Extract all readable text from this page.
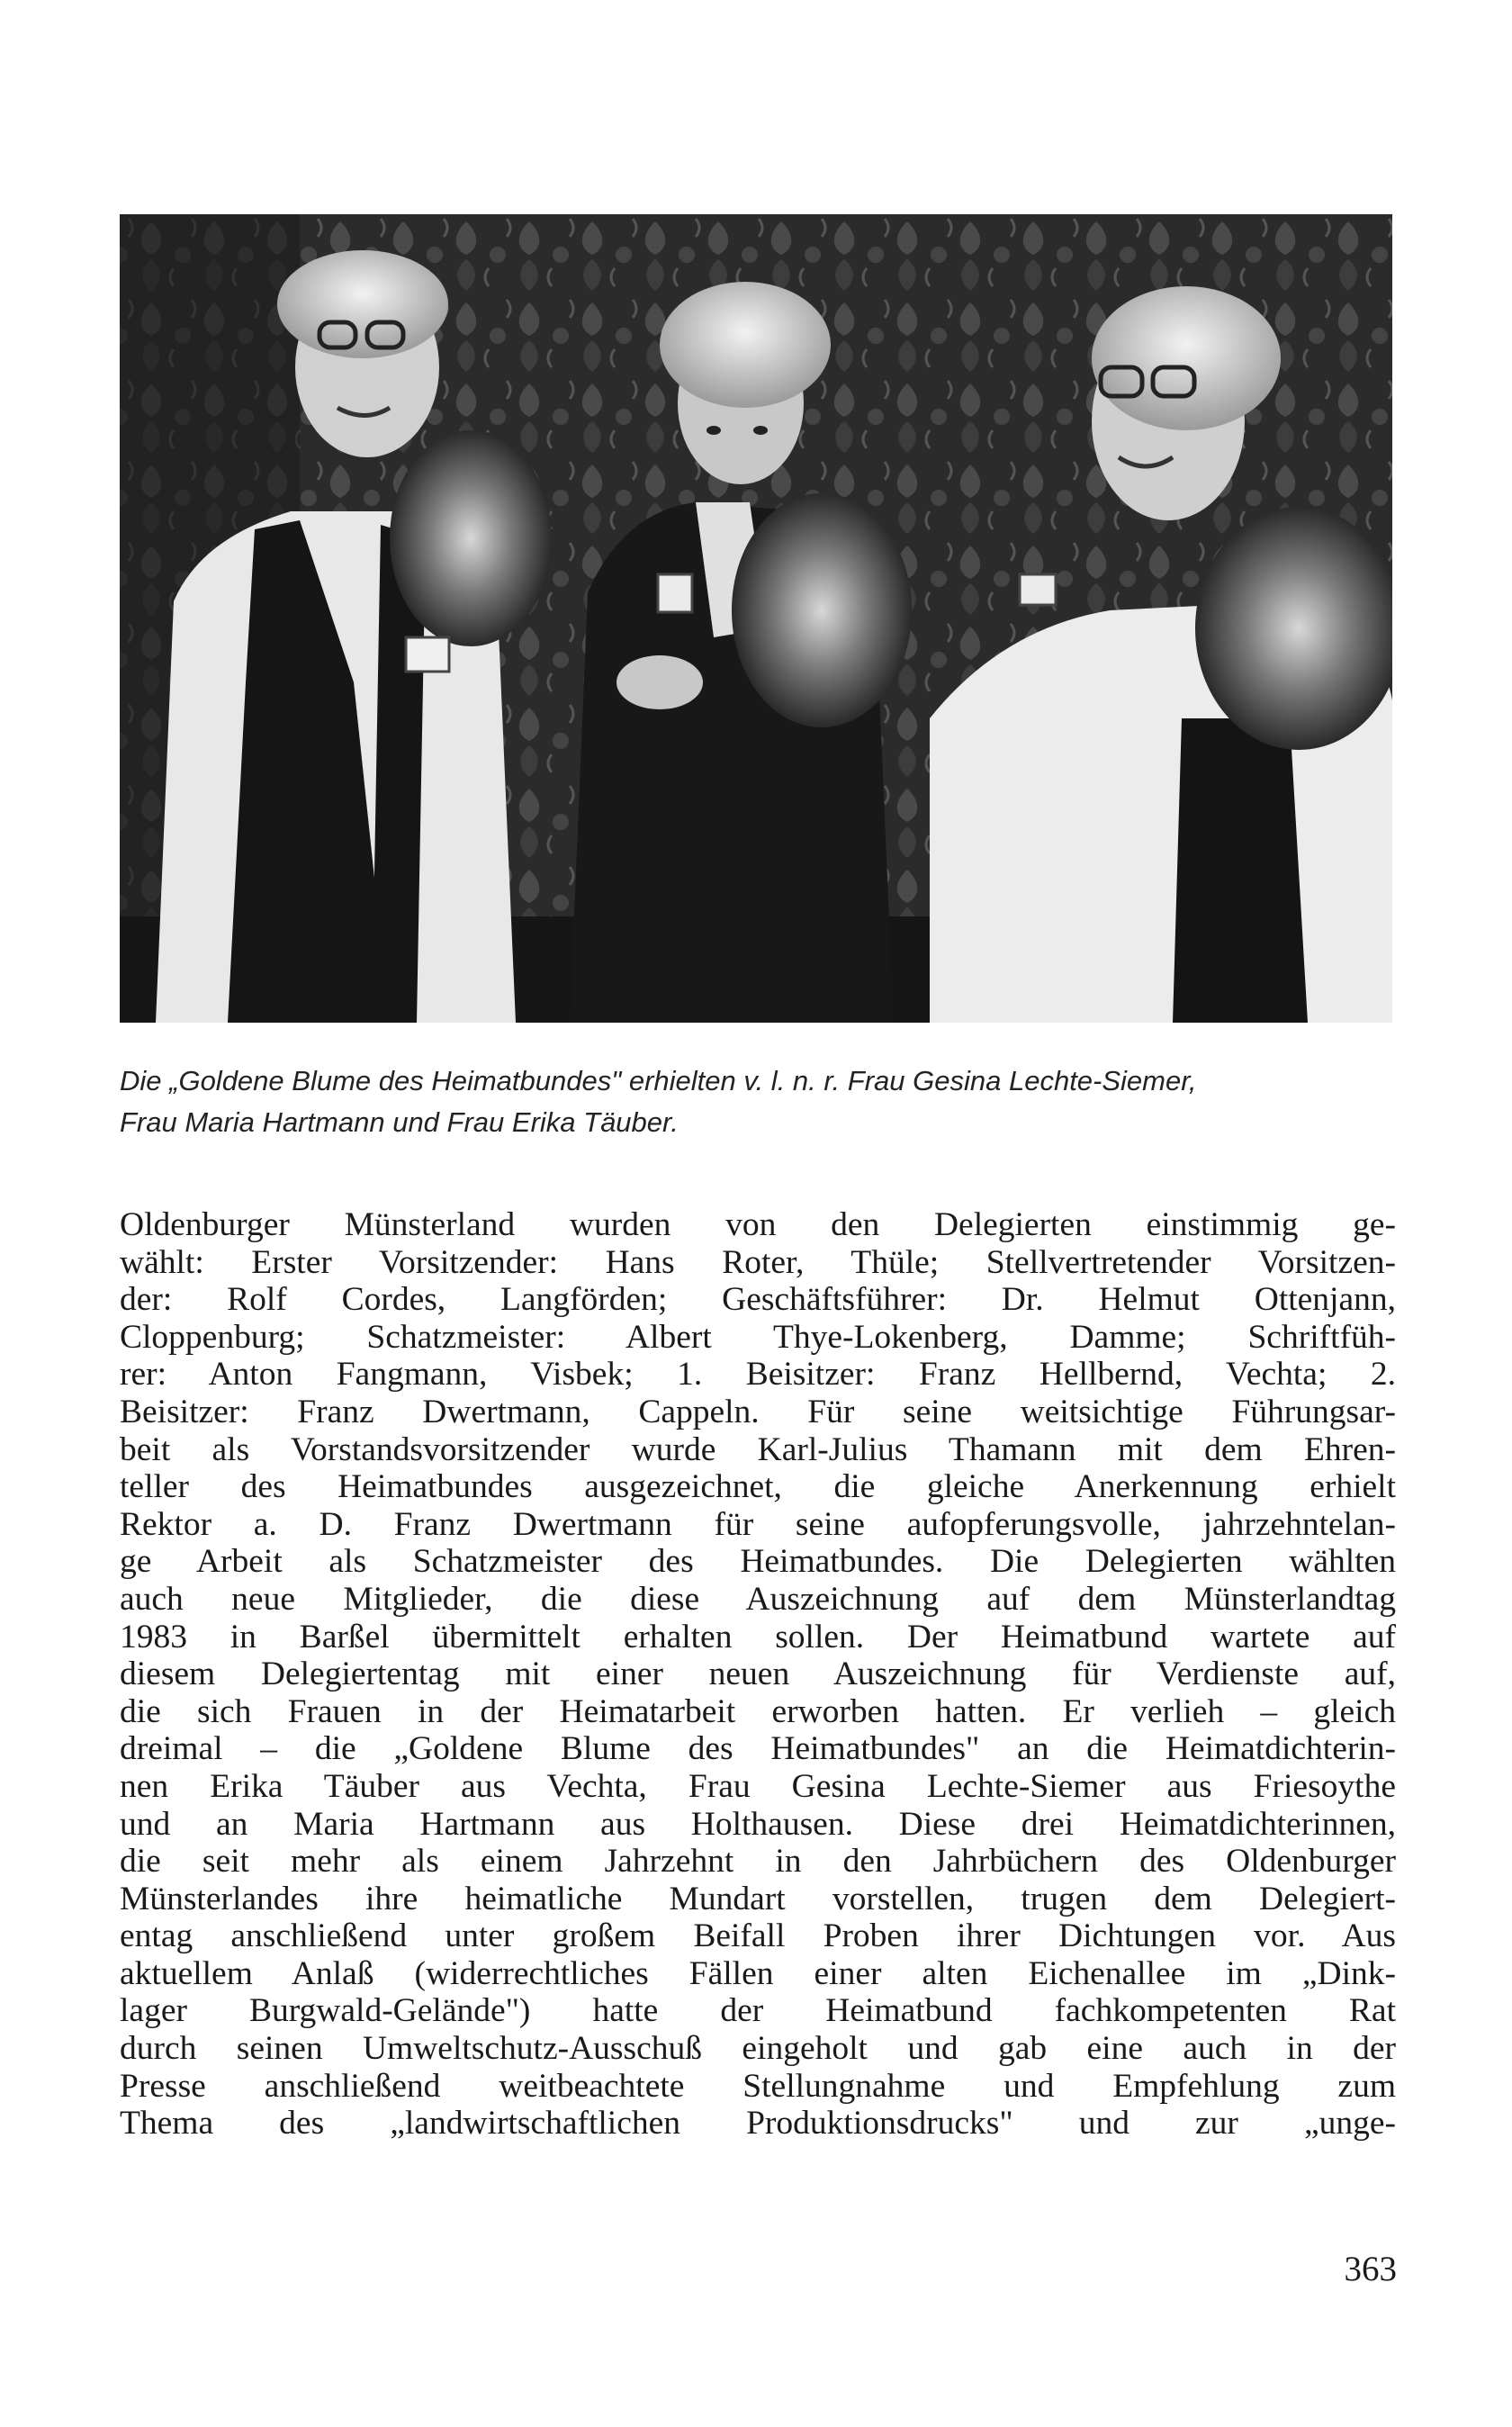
Die „Goldene Blume des Heimatbundes" erhielten v. l. n. r. Frau Gesina Lechte-Siemer,
Frau Maria Hartmann und Frau Erika Täuber.
Oldenburger Münsterland wurden von den Delegierten einstimmig ge-
wählt: Erster Vorsitzender: Hans Roter, Thüle; Stellvertretender Vorsitzen-
der: Rolf Cordes, Langförden; Geschäftsführer: Dr. Helmut Ottenjann,
Cloppenburg; Schatzmeister: Albert Thye-Lokenberg, Damme; Schriftfüh-
rer: Anton Fangmann, Visbek; 1. Beisitzer: Franz Hellbernd, Vechta; 2.
Beisitzer: Franz Dwertmann, Cappeln. Für seine weitsichtige Führungsar-
beit als Vorstandsvorsitzender wurde Karl-Julius Thamann mit dem Ehren-
teller des Heimatbundes ausgezeichnet, die gleiche Anerkennung erhielt
Rektor a. D. Franz Dwertmann für seine aufopferungsvolle, jahrzehntelan-
ge Arbeit als Schatzmeister des Heimatbundes. Die Delegierten wählten
auch neue Mitglieder, die diese Auszeichnung auf dem Münsterlandtag
1983 in Barßel übermittelt erhalten sollen. Der Heimatbund wartete auf
diesem Delegiertentag mit einer neuen Auszeichnung für Verdienste auf,
die sich Frauen in der Heimatarbeit erworben hatten. Er verlieh – gleich
dreimal – die „Goldene Blume des Heimatbundes" an die Heimatdichterin-
nen Erika Täuber aus Vechta, Frau Gesina Lechte-Siemer aus Friesoythe
und an Maria Hartmann aus Holthausen. Diese drei Heimatdichterinnen,
die seit mehr als einem Jahrzehnt in den Jahrbüchern des Oldenburger
Münsterlandes ihre heimatliche Mundart vorstellen, trugen dem Delegiert-
entag anschließend unter großem Beifall Proben ihrer Dichtungen vor. Aus
aktuellem Anlaß (widerrechtliches Fällen einer alten Eichenallee im „Dink-
lager Burgwald-Gelände") hatte der Heimatbund fachkompetenten Rat
durch seinen Umweltschutz-Ausschuß eingeholt und gab eine auch in der
Presse anschließend weitbeachtete Stellungnahme und Empfehlung zum
Thema des „landwirtschaftlichen Produktionsdrucks" und zur „unge-
363
